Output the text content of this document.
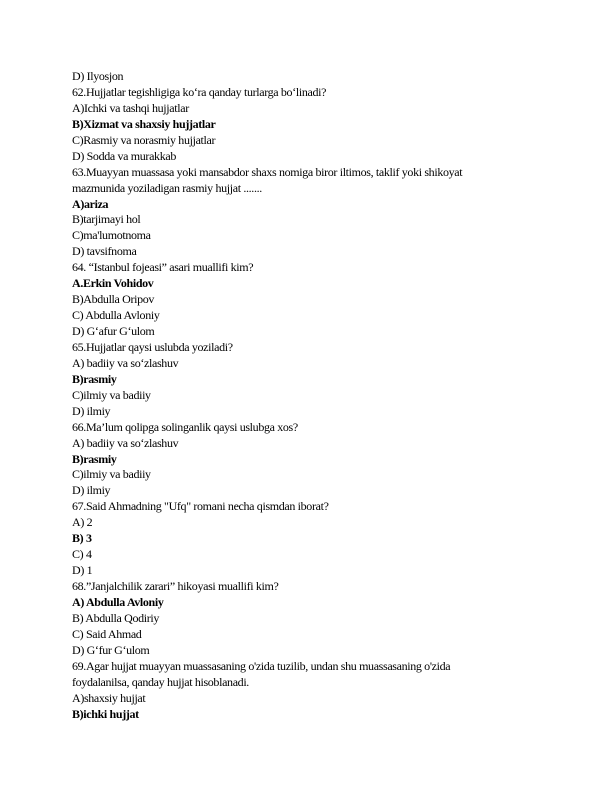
D) Ilyosjon
62.Hujjatlar tegishligiga ko‘ra qanday turlarga bo‘linadi?
A)Ichki va tashqi hujjatlar
B)Xizmat va shaxsiy hujjatlar
C)Rasmiy va norasmiy hujjatlar
D) Sodda va murakkab
63.Muayyan muassasa yoki mansabdor shaxs nomiga biror iltimos, taklif yoki shikoyat
mazmunida yoziladigan rasmiy hujjat .......
A)ariza
B)tarjimayi hol
C)ma'lumotnoma
D) tavsifnoma
64. “Istanbul fojeasi” asari muallifi kim?
A.Erkin Vohidov
B)Abdulla Oripov
C) Abdulla Avloniy
D) G‘afur G‘ulom
65.Hujjatlar qaysi uslubda yoziladi?
A) badiiy va so‘zlashuv
B)rasmiy
C)ilmiy va badiiy
D) ilmiy
66.Ma’lum qolipga solinganlik qaysi uslubga xos?
A) badiiy va so‘zlashuv
B)rasmiy
C)ilmiy va badiiy
D) ilmiy
67.Said Ahmadning "Ufq" romani necha qismdan iborat?
A) 2
B) 3
C) 4
D) 1
68.”Janjalchilik zarari” hikoyasi muallifi kim?
A) Abdulla Avloniy
B) Abdulla Qodiriy
C) Said Ahmad
D) G‘fur G‘ulom
69.Agar hujjat muayyan muassasaning o'zida tuzilib, undan shu muassasaning o'zida
foydalanilsa, qanday hujjat hisoblanadi.
A)shaxsiy hujjat
B)ichki hujjat
